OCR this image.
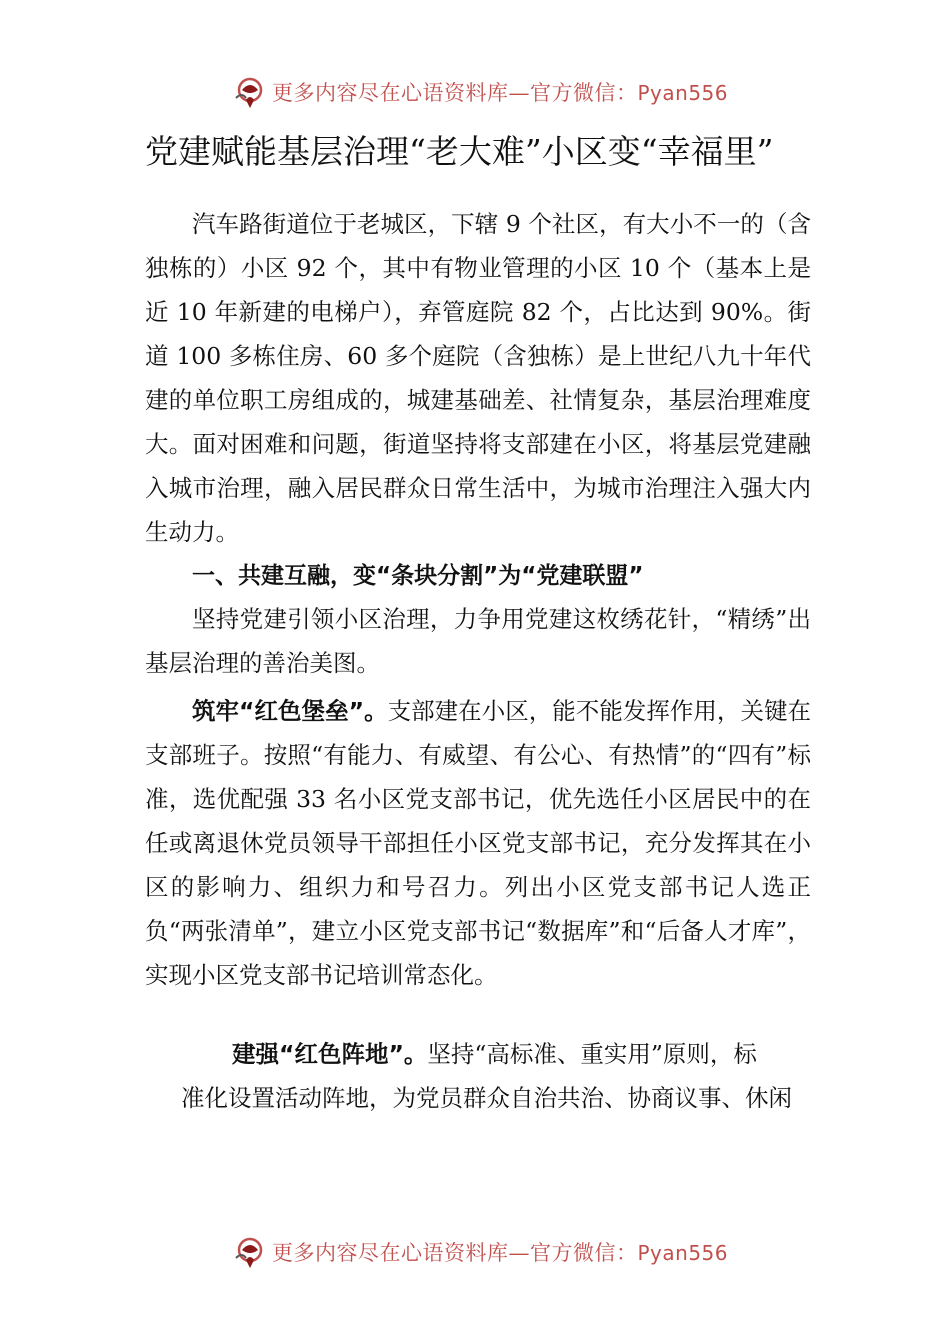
更多内容尽在心语资料库—官方微信：Pyan556
党建赋能基层治理“老大难”小区变“幸福里”
汽车路街道位于老城区，下辖 9 个社区，有大小不一的（含独栋的）小区 92 个，其中有物业管理的小区 10 个（基本上是近 10 年新建的电梯户），弃管庭院 82 个，占比达到 90%。街道 100 多栋住房、60 多个庭院（含独栋）是上世纪八九十年代建的单位职工房组成的，城建基础差、社情复杂，基层治理难度大。面对困难和问题，街道坚持将支部建在小区，将基层党建融入城市治理，融入居民群众日常生活中，为城市治理注入强大内生动力。
一、共建互融，变“条块分割”为“党建联盟”
坚持党建引领小区治理，力争用党建这枚绣花针，“精绣”出基层治理的善治美图。
筑牢“红色堡垒”。支部建在小区，能不能发挥作用，关键在支部班子。按照“有能力、有威望、有公心、有热情”的“四有”标准，选优配强 33 名小区党支部书记，优先选任小区居民中的在任或离退休党员领导干部担任小区党支部书记，充分发挥其在小区的影响力、组织力和号召力。列出小区党支部书记人选正负“两张清单”，建立小区党支部书记“数据库”和“后备人才库”，实现小区党支部书记培训常态化。
建强“红色阵地”。坚持“高标准、重实用”原则，标
准化设置活动阵地，为党员群众自治共治、协商议事、休闲
更多内容尽在心语资料库—官方微信：Pyan556
